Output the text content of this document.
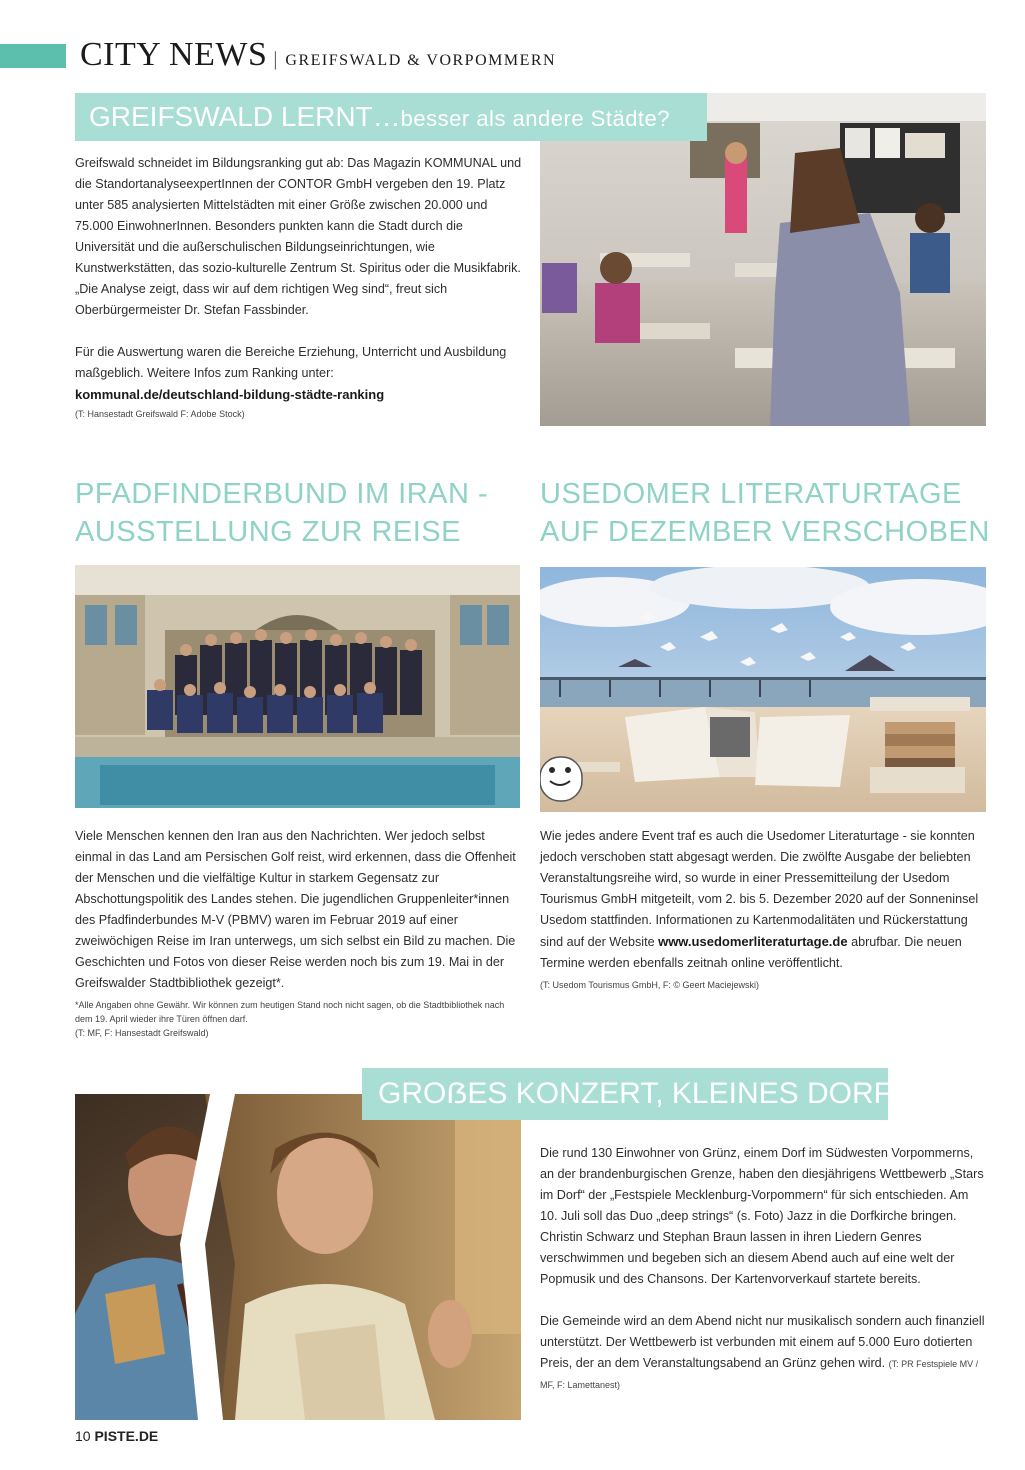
CITY NEWS | GREIFSWALD & VORPOMMERN
GREIFSWALD LERNT…besser als andere Städte?

Greifswald schneidet im Bildungsranking gut ab: Das Magazin KOMMUNAL und die StandortanalyseexpertInnen der CONTOR GmbH vergeben den 19. Platz unter 585 analysierten Mittelstädten mit einer Größe zwischen 20.000 und 75.000 EinwohnerInnen. Besonders punkten kann die Stadt durch die Universität und die außerschulischen Bildungseinrichtungen, wie Kunstwerkstätten, das sozio-kulturelle Zentrum St. Spiritus oder die Musikfabrik. „Die Analyse zeigt, dass wir auf dem richtigen Weg sind“, freut sich Oberbürgermeister Dr. Stefan Fassbinder.

Für die Auswertung waren die Bereiche Erziehung, Unterricht und Ausbildung maßgeblich. Weitere Infos zum Ranking unter:

kommunal.de/deutschland-bildung-städte-ranking

(T: Hansestadt Greifswald F: Adobe Stock)

PFADFINDERBUND IM IRAN -
AUSSTELLUNG ZUR REISE

Viele Menschen kennen den Iran aus den Nachrichten. Wer jedoch selbst einmal in das Land am Persischen Golf reist, wird erkennen, dass die Offenheit der Menschen und die vielfältige Kultur in starkem Gegensatz zur Abschottungspolitik des Landes stehen. Die jugendlichen Gruppenleiter*innen des Pfadfinderbundes M-V (PBMV) waren im Februar 2019 auf einer zweiwöchigen Reise im Iran unterwegs, um sich selbst ein Bild zu machen. Die Geschichten und Fotos von dieser Reise werden noch bis zum 19. Mai in der Greifswalder Stadtbibliothek gezeigt*.

*Alle Angaben ohne Gewähr. Wir können zum heutigen Stand noch nicht sagen, ob die Stadtbibliothek nach dem 19. April wieder ihre Türen öffnen darf.

(T: MF, F: Hansestadt Greifswald)

USEDOMER LITERATURTAGE
AUF DEZEMBER VERSCHOBEN

Wie jedes andere Event traf es auch die Usedomer Literaturtage - sie konnten jedoch verschoben statt abgesagt werden. Die zwölfte Ausgabe der beliebten Veranstaltungsreihe wird, so wurde in einer Pressemitteilung der Usedom Tourismus GmbH mitgeteilt, vom 2. bis 5. Dezember 2020 auf der Sonneninsel Usedom stattfinden. Informationen zu Kartenmodalitäten und Rückerstattung sind auf der Website www.usedomerliteraturtage.de abrufbar. Die neuen Termine werden ebenfalls zeitnah online veröffentlicht.

(T: Usedom Tourismus GmbH, F: © Geert Maciejewski)

GROẞES KONZERT, KLEINES DORF

Die rund 130 Einwohner von Grünz, einem Dorf im Südwesten Vorpommerns, an der brandenburgischen Grenze, haben den diesjährigens Wettbewerb „Stars im Dorf“ der „Festspiele Mecklenburg-Vorpommern“ für sich entschieden. Am 10. Juli soll das Duo „deep strings“ (s. Foto) Jazz in die Dorfkirche bringen. Christin Schwarz und Stephan Braun lassen in ihren Liedern Genres verschwimmen und begeben sich an diesem Abend auch auf eine welt der Popmusik und des Chansons. Der Kartenvorverkauf startete bereits.

Die Gemeinde wird an dem Abend nicht nur musikalisch sondern auch finanziell unterstützt. Der Wettbewerb ist verbunden mit einem auf 5.000 Euro dotierten Preis, der an dem Veranstaltungsabend an Grünz gehen wird. (T: PR Festspiele MV / MF, F: Lamettanest)

10 PISTE.DE
